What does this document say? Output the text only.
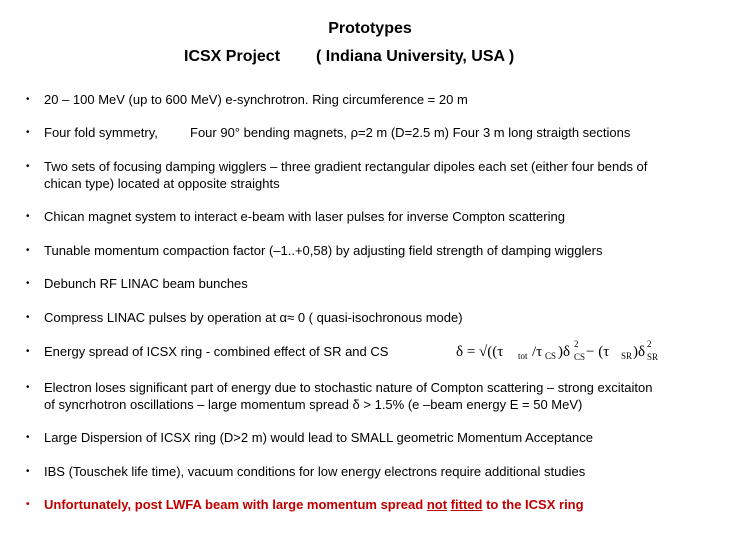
Prototypes
ICSX Project ( Indiana University, USA )
• 20 – 100 MeV (up to 600 MeV) e-synchrotron. Ring circumference = 20 m
• Four fold symmetry,	Four 90° bending magnets, ρ=2 m (D=2.5 m) Four 3 m long straigth sections
• Two sets of focusing damping wigglers – three gradient rectangular dipoles each set (either four bends of
chican type) located at opposite straights
• Chican magnet system to interact e-beam with laser pulses for inverse Compton scattering
• Tunable momentum compaction factor (–1..+0,58) by adjusting field strength of damping wigglers
• Debunch RF LINAC beam bunches
• Compress LINAC pulses by operation at α≈ 0 ( quasi-isochronous mode)
• Energy spread of ICSX ring - combined effect of SR and CS
• Electron loses significant part of energy due to stochastic nature of Compton scattering – strong excitaiton
of syncrhotron oscillations – large momentum spread δ > 1.5% (e –beam energy E = 50 MeV)
• Large Dispersion of ICSX ring (D>2 m) would lead to SMALL geometric Momentum Acceptance
• IBS (Touschek life time), vacuum conditions for low energy electrons require additional studies
• Unfortunately, post LWFA beam with large momentum spread not fitted to the ICSX ring
δ = √((τ tot /τ CS )δ 2
CS − (τ SR )δ 2
SR
